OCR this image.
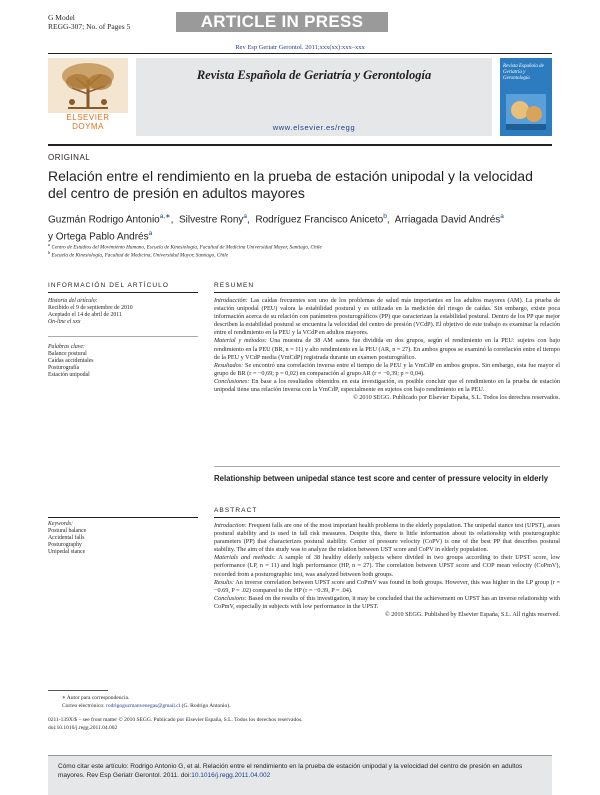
G Model
REGG-307; No. of Pages 5	ARTICLE IN PRESS
Rev Esp Geriatr Gerontol. 2011;xxx(xx):xxx–xxx
ELSEVIER
DOYMA
Revista Española de Geriatría y Gerontología
www.elsevier.es/regg
Revista Española de Geriatría y Gerontología
ORIGINAL
Relación entre el rendimiento en la prueba de estación unipodal y la velocidad
del centro de presión en adultos mayores
Guzmán Rodrigo Antonio$^{a,∗}$, Silvestre Rony$^a$, Rodríguez Francisco Aniceto$^b$, Arriagada David Andrés$^a$
y Ortega Pablo Andrés$^a$
$^a$ Centro de Estudios del Movimiento Humano, Escuela de Kinesiología, Facultad de Medicina Universidad Mayor, Santiago, Chile
$^b$ Escuela de Kinesiología, Facultad de Medicina, Universidad Mayor, Santiago, Chile
INFORMACIÓN DEL ARTÍCULO	RESUMEN
Historia del artículo:
Recibido el 9 de septiembre de 2010
Aceptado el 14 de abril de 2011
On-line el xxx
Palabras clave:
Balance postural
Caídas accidentales
Posturografía
Estación unipodal

Introducción: Las caídas frecuentes son uno de los problemas de salud más importantes en los adultos mayores (AM). La prueba de estación unipodal (PEU) valora la estabilidad postural y es utilizada en la medición del riesgo de caídas. Sin embargo, existe poca información acerca de su relación con parámetros posturográficos (PP) que caracterizan la estabilidad postural. Dentro de los PP que mejor describen la estabilidad postural se encuentra la velocidad del centro de presión (VCdP). El objetivo de este trabajo es examinar la relación entre el rendimiento en la PEU y la VCdP en adultos mayores.

Material y métodos: Una muestra de 38 AM sanos fue dividida en dos grupos, según el rendimiento en la PEU: sujetos con bajo rendimiento en la PEU (BR, n = 11) y alto rendimiento en la PEU (AR, n = 27). En ambos grupos se examinó la correlación entre el tiempo de la PEU y VCdP media (VmCdP) registrada durante un examen posturográfico.

Resultados: Se encontró una correlación inversa entre el tiempo de la PEU y la VmCdP en ambos grupos. Sin embargo, esta fue mayor el grupo de BR (r = −0,69; p = 0,02) en comparación al grupo AR (r = −0,39; p = 0,04).

Conclusiones: En base a los resultados obtenidos en esta investigación, es posible concluir que el rendimiento en la prueba de estación unipodal tiene una relación inversa con la VmCdP, especialmente en sujetos con bajo rendimiento en la PEU.

© 2010 SEGG. Publicado por Elsevier España, S.L. Todos los derechos reservados.

Relationship between unipedal stance test score and center of pressure velocity in elderly
ABSTRACT
Keywords:
Postural balance
Accidental falls
Posturography
Unipedal stance

Introduction: Frequent falls are one of the most important health problems in the elderly population. The unipedal stance test (UPST), asses postural stability and is used in fall risk measures. Despite this, there is little information about its relationship with posturographic parameters (PP) that characterizes postural stability. Center of pressure velocity (CoPV) is one of the best PP that describes postural stability. The aim of this study was to analyze the relation between UST score and CoPV in elderly population.

Materials and methods: A sample of 38 healthy elderly subjects where divided in two groups according to their UPST score, low performance (LP, n = 11) and high performance (HP, n = 27). The correlation between UPST score and COP mean velocity (CoPmV), recorded from a posturographic test, was analyzed between both groups.

Results: An inverse correlation between UPST score and CoPmV was found in both groups. However, this was higher in the LP group (r = −0.69, P = .02) compared to the HP (r = −0.39, P = .04).

Conclusions: Based on the results of this investigation, it may be concluded that the achievement on UPST has an inverse relationship with CoPmV, especially in subjects with low performance in the UPST.

© 2010 SEGG. Published by Elsevier España, S.L. All rights reserved.

∗ Autor para correspondencia.
Correo electrónico: rodrigoguzmanvenegas@gmail.cl (G. Rodrigo Antonio).
0211-139X/$ – see front matter © 2010 SEGG. Publicado por Elsevier España, S.L. Todos los derechos reservados.
doi:10.1016/j.regg.2011.04.002
Cómo citar este artículo: Rodrigo Antonio G, et al. Relación entre el rendimiento en la prueba de estación unipodal y la velocidad del centro de presión en adultos mayores. Rev Esp Geriatr Gerontol. 2011. doi:10.1016/j.regg.2011.04.002
